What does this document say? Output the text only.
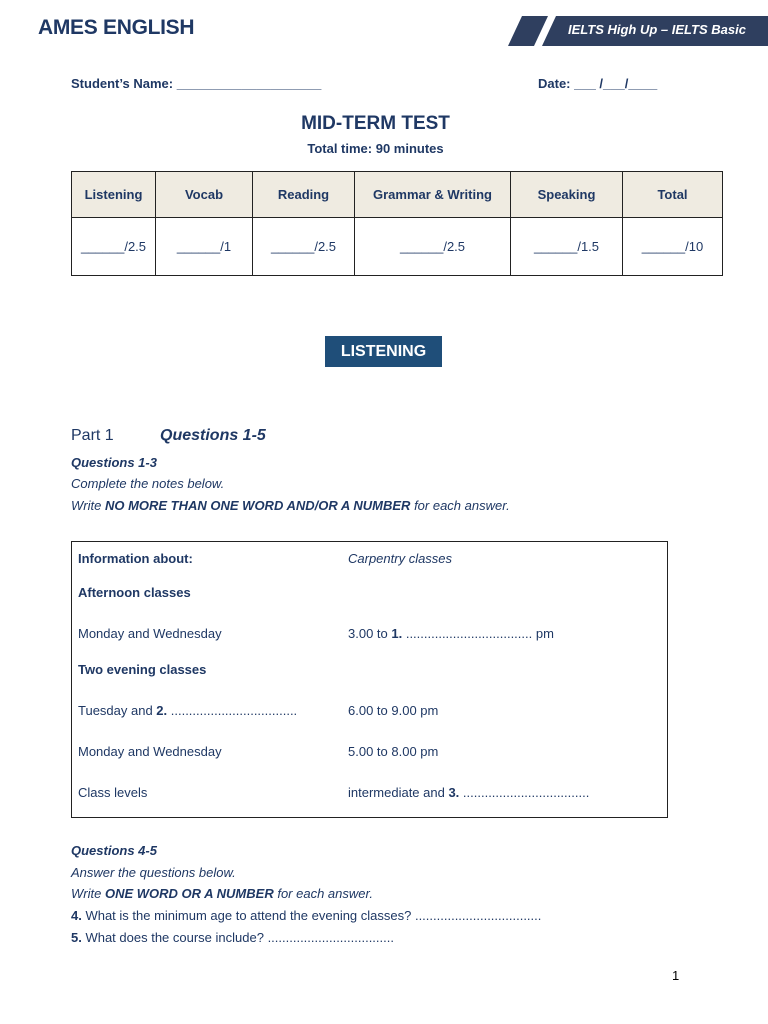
AMES ENGLISH	IELTS High Up – IELTS Basic
Student’s Name: ____________________	Date: ___ /___/____
MID-TERM TEST
Total time: 90 minutes
Listening	Vocab	Reading	Grammar & Writing	Speaking	Total
______/2.5	______/1	______/2.5	______/2.5	______/1.5	______/10
LISTENING
Part 1	Questions 1-5
Questions 1-3
Complete the notes below.
Write NO MORE THAN ONE WORD AND/OR A NUMBER for each answer.
Information about:	Carpentry classes
Afternoon classes
Monday and Wednesday	3.00 to 1. ................................... pm
Two evening classes
Tuesday and 2. ...................................	6.00 to 9.00 pm
Monday and Wednesday	5.00 to 8.00 pm
Class levels	intermediate and 3. ...................................
Questions 4-5
Answer the questions below.
Write ONE WORD OR A NUMBER for each answer.
4. What is the minimum age to attend the evening classes? ...................................
5. What does the course include? ...................................
1
